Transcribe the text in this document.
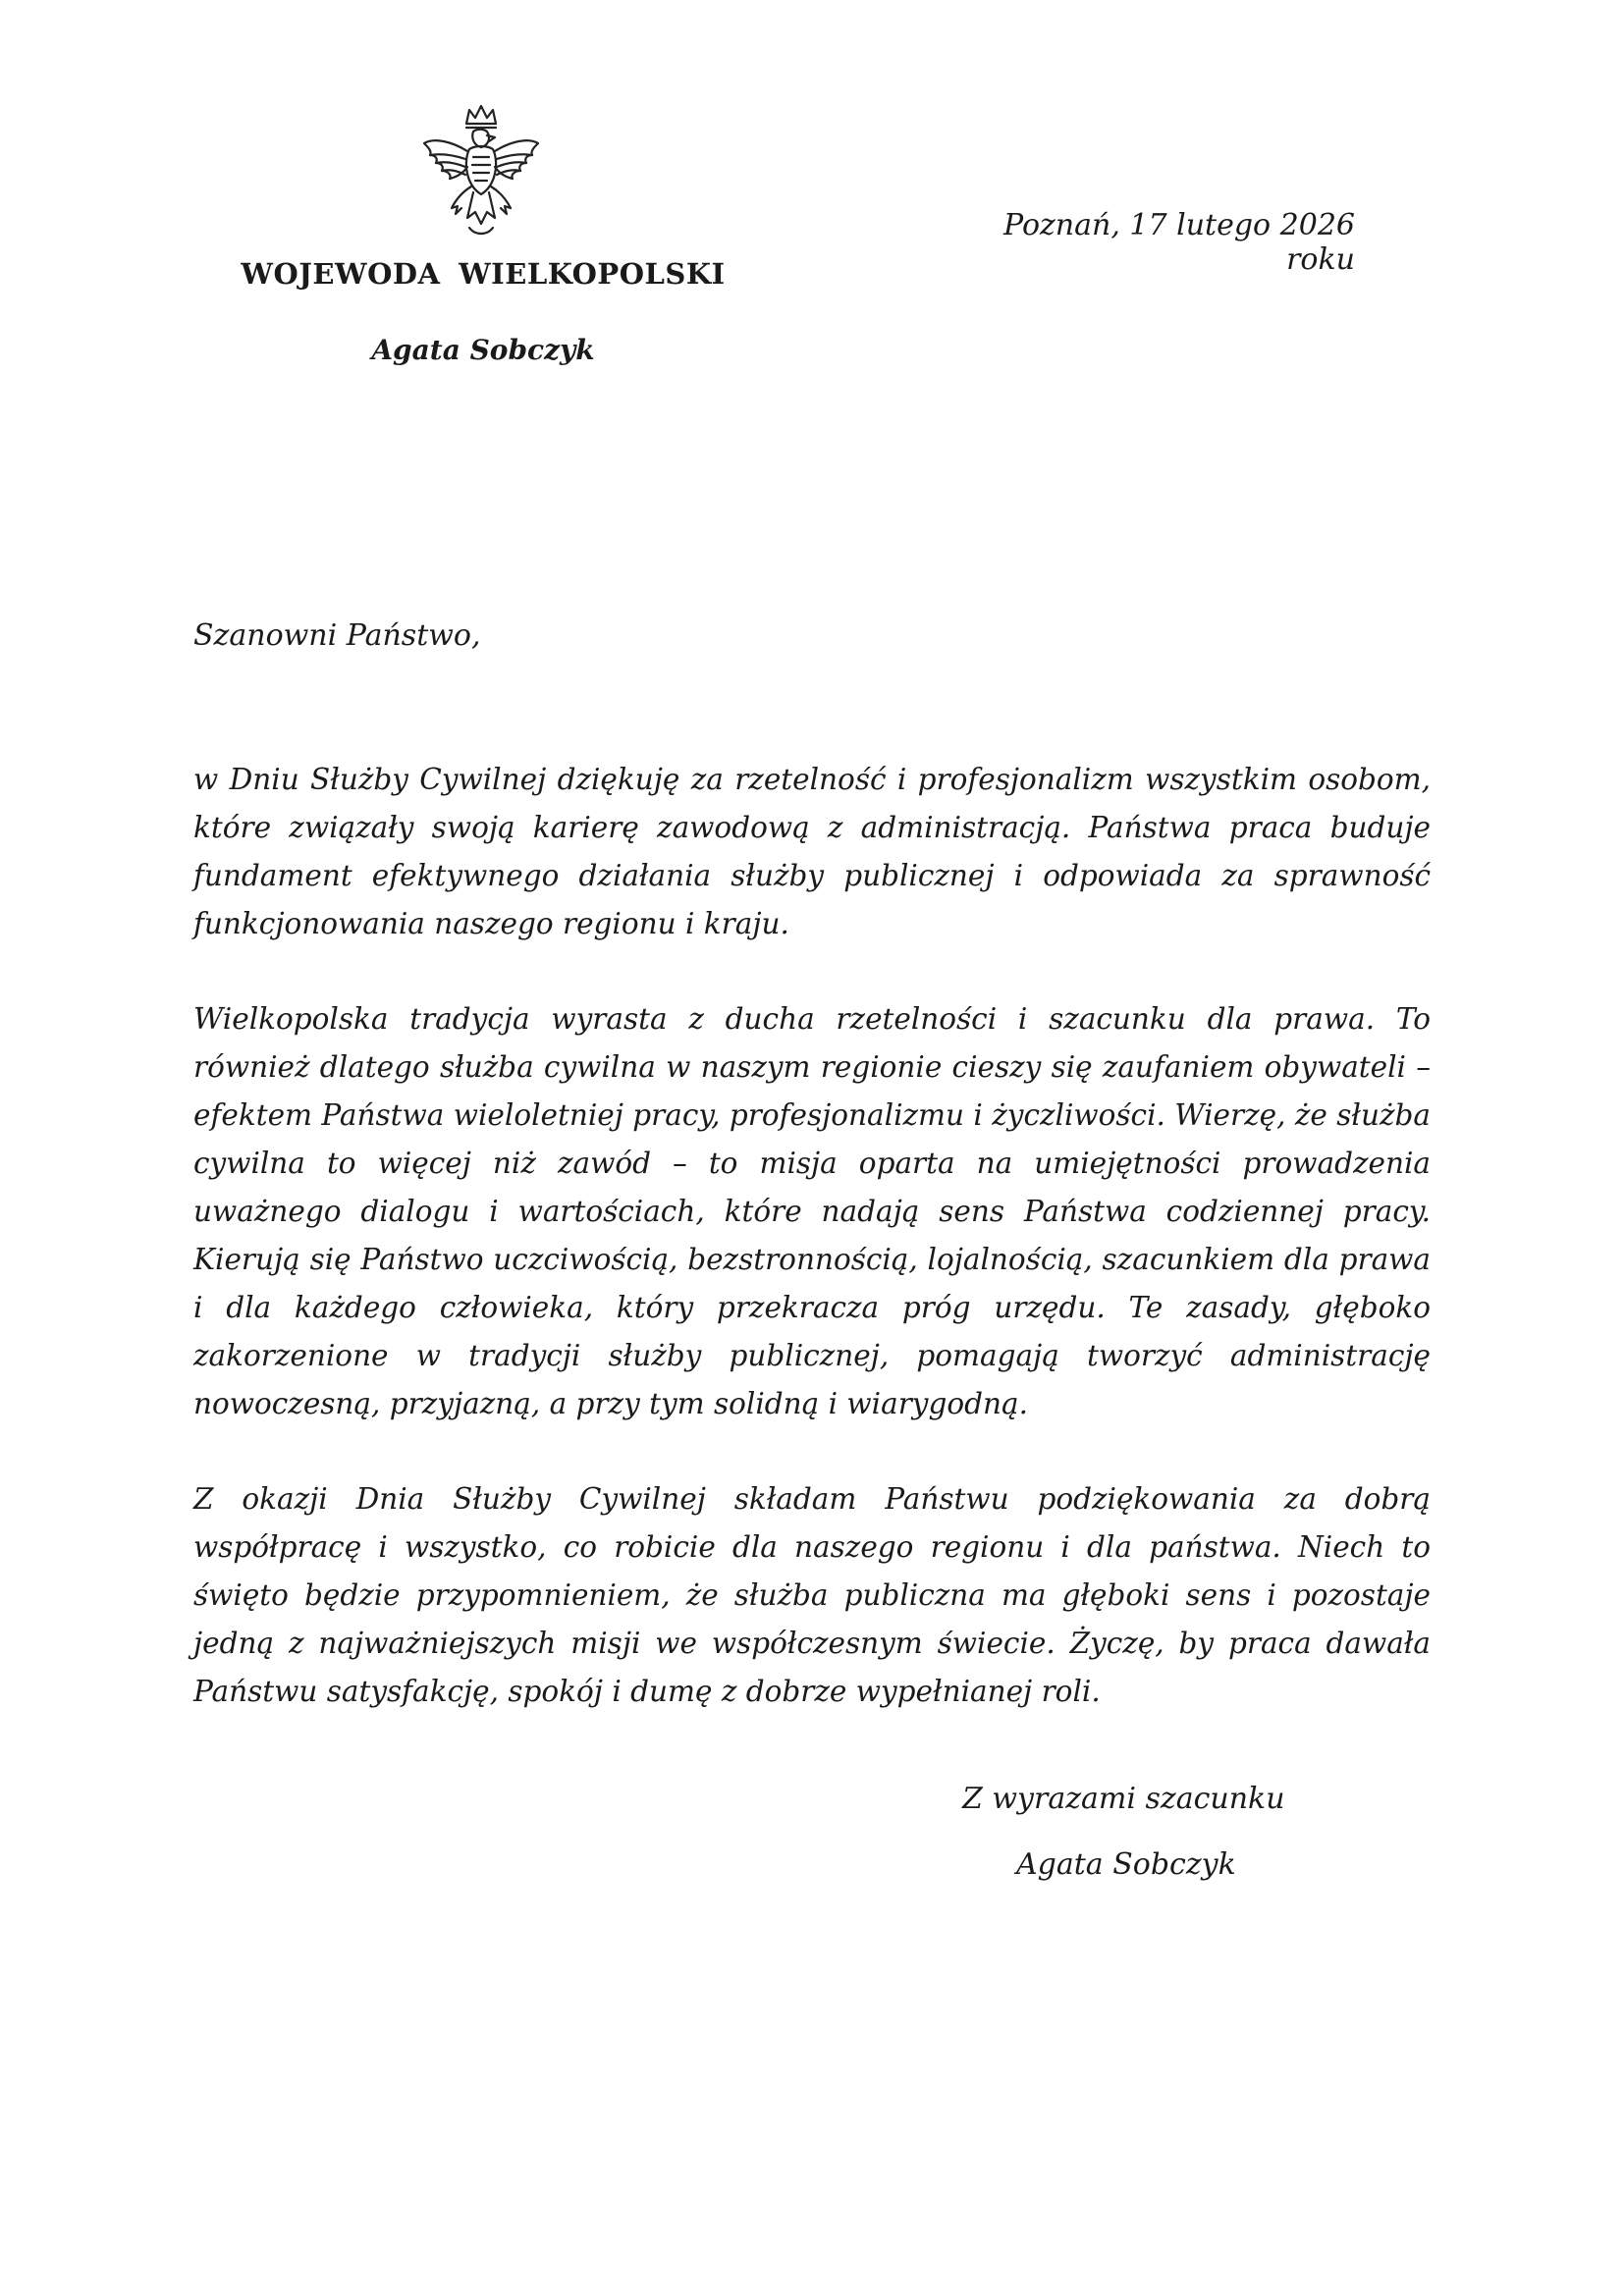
WOJEWODA WIELKOPOLSKI
Agata Sobczyk
Poznań, 17 lutego 2026 roku
Szanowni Państwo,

w Dniu Służby Cywilnej dziękuję za rzetelność i profesjonalizm wszystkim osobom, które związały swoją karierę zawodową z administracją. Państwa praca buduje fundament efektywnego działania służby publicznej i odpowiada za sprawność funkcjonowania naszego regionu i kraju.

Wielkopolska tradycja wyrasta z ducha rzetelności i szacunku dla prawa. To również dlatego służba cywilna w naszym regionie cieszy się zaufaniem obywateli – efektem Państwa wieloletniej pracy, profesjonalizmu i życzliwości. Wierzę, że służba cywilna to więcej niż zawód – to misja oparta na umiejętności prowadzenia uważnego dialogu i wartościach, które nadają sens Państwa codziennej pracy. Kierują się Państwo uczciwością, bezstronnością, lojalnością, szacunkiem dla prawa i dla każdego człowieka, który przekracza próg urzędu. Te zasady, głęboko zakorzenione w tradycji służby publicznej, pomagają tworzyć administrację nowoczesną, przyjazną, a przy tym solidną i wiarygodną.

Z okazji Dnia Służby Cywilnej składam Państwu podziękowania za dobrą współpracę i wszystko, co robicie dla naszego regionu i dla państwa. Niech to święto będzie przypomnieniem, że służba publiczna ma głęboki sens i pozostaje jedną z najważniejszych misji we współczesnym świecie. Życzę, by praca dawała Państwu satysfakcję, spokój i dumę z dobrze wypełnianej roli.

Z wyrazami szacunku
Agata Sobczyk
